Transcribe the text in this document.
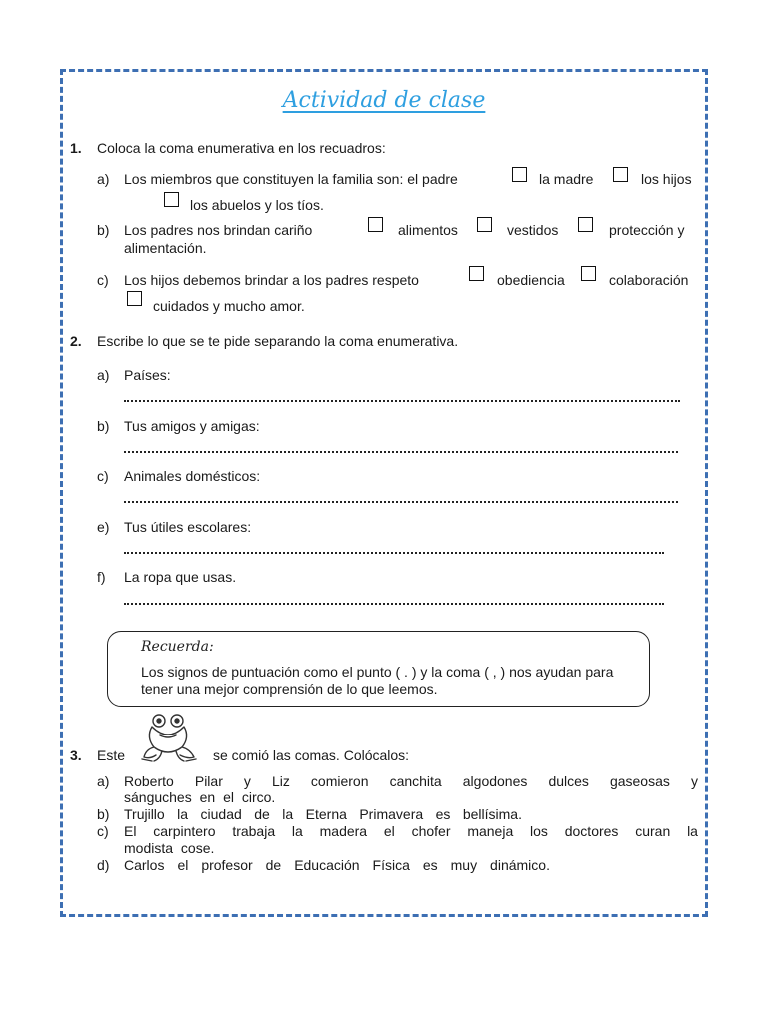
Actividad de clase
1. Coloca la coma enumerativa en los recuadros:
a) Los miembros que constituyen la familia son: el padre	la madre	los hijos
los abuelos y los tíos.
b) Los padres nos brindan cariño	alimentos	vestidos	protección y
alimentación.
c) Los hijos debemos brindar a los padres respeto	obediencia	colaboración
cuidados y mucho amor.
2. Escribe lo que se te pide separando la coma enumerativa.
a) Países:
b) Tus amigos y amigas:
c) Animales domésticos:
e) Tus útiles escolares:
f) La ropa que usas.
Recuerda:
Los signos de puntuación como el punto ( . ) y la coma ( , ) nos ayudan para tener una mejor comprensión de lo que leemos.
3. Este	se comió las comas. Colócalos:
a) Roberto Pilar y Liz comieron canchita algodones dulces gaseosas y
sánguches en el circo.
b) Trujillo la ciudad de la Eterna Primavera es bellísima.
c) El carpintero trabaja la madera el chofer maneja los doctores curan la
modista cose.
d) Carlos el profesor de Educación Física es muy dinámico.
